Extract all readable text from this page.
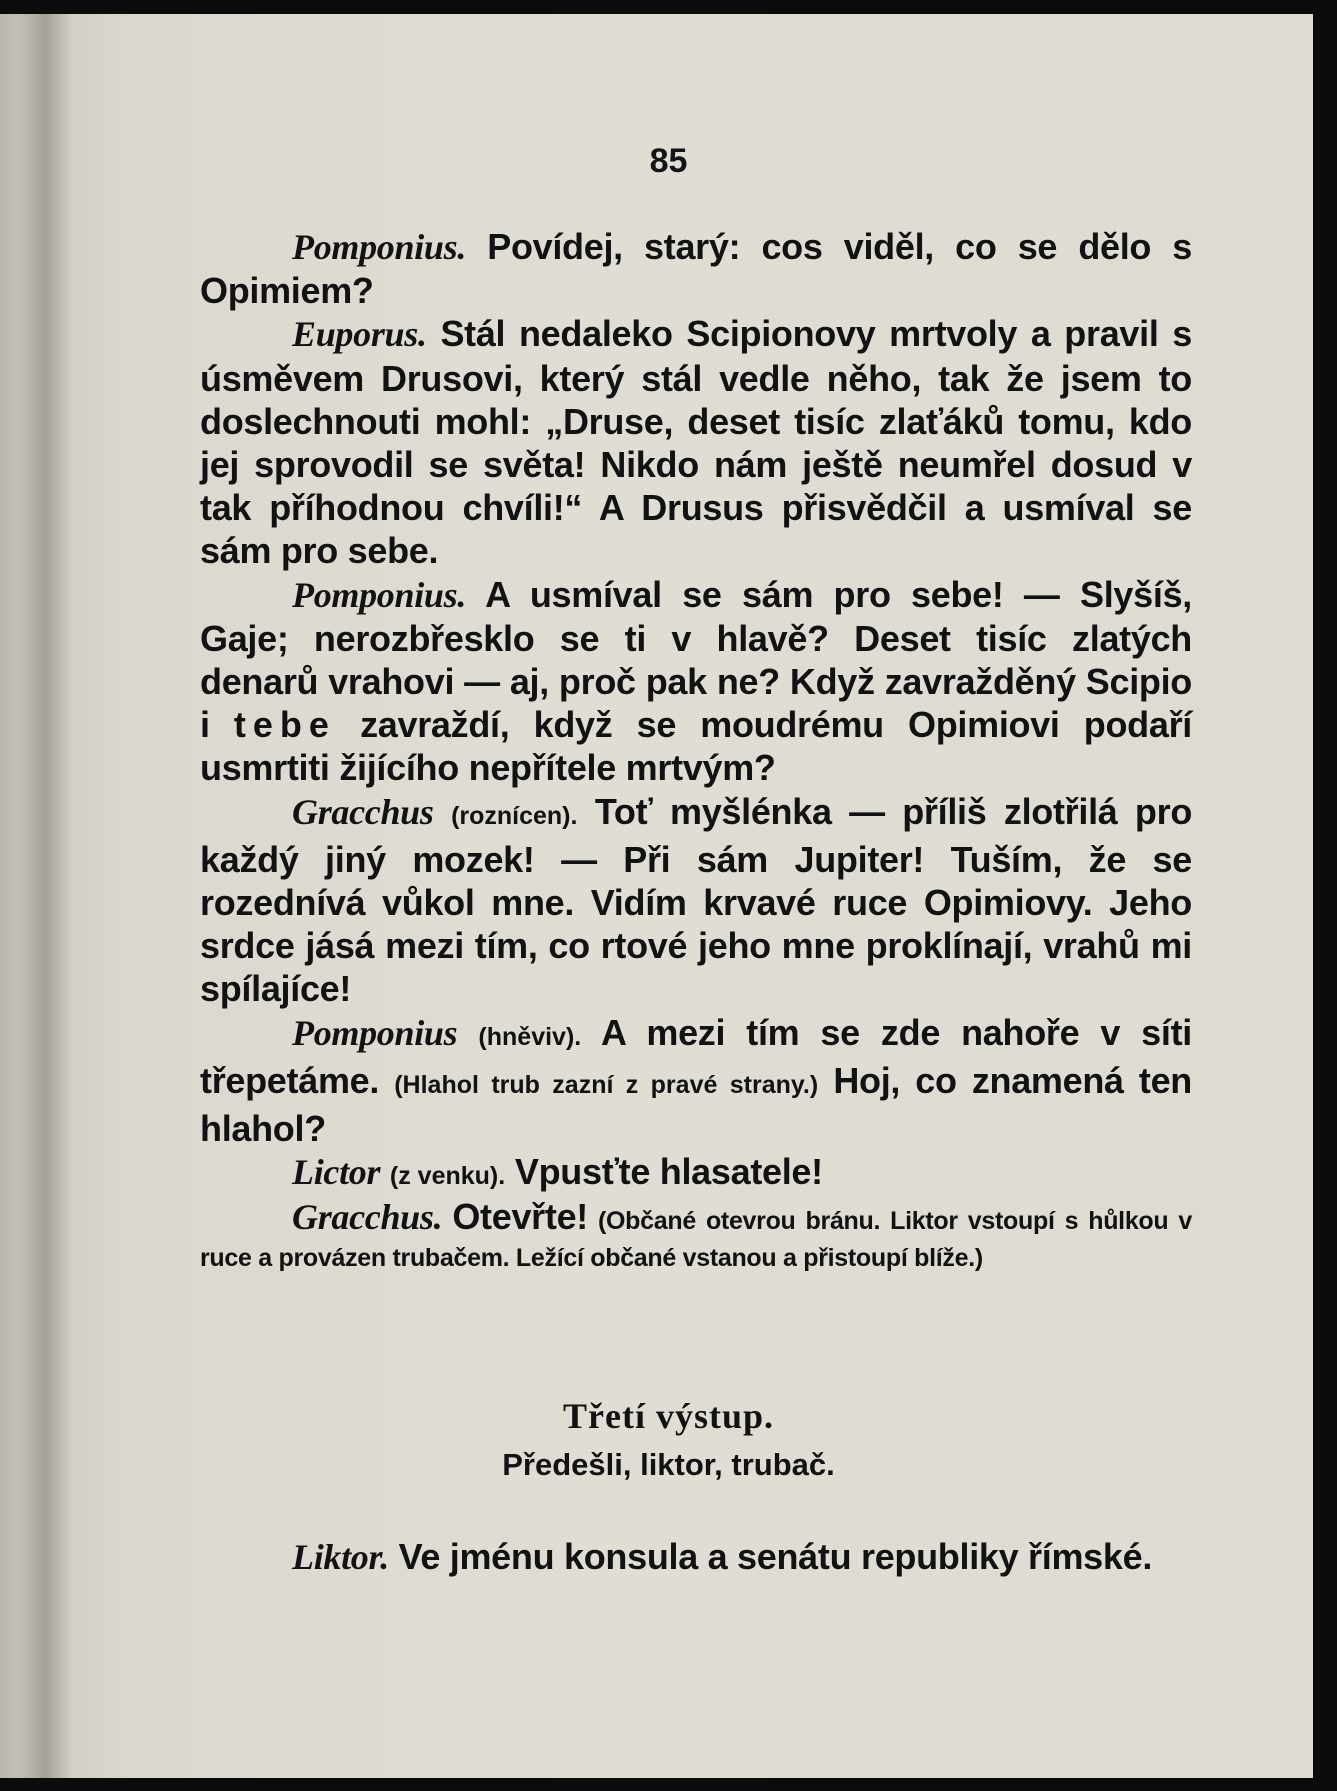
85

Pomponius. Povídej, starý: cos viděl, co se dělo s Opimiem?

Euporus. Stál nedaleko Scipionovy mrtvoly a pravil s úsměvem Drusovi, který stál vedle něho, tak že jsem to doslechnouti mohl: „Druse, deset tisíc zlaťáků tomu, kdo jej sprovodil se světa! Nikdo nám ještě neumřel dosud v tak příhodnou chvíli!“ A Drusus přisvědčil a usmíval se sám pro sebe.

Pomponius. A usmíval se sám pro sebe! — Slyšíš, Gaje; nerozbřesklo se ti v hlavě? Deset tisíc zlatých denarů vrahovi — aj, proč pak ne? Když zavražděný Scipio i tebe zavraždí, když se moudrému Opimiovi podaří usmrtiti žijícího nepřítele mrtvým?

Gracchus (roznícen). Toť myšlénka — příliš zlotřilá pro každý jiný mozek! — Při sám Jupiter! Tuším, že se rozednívá vůkol mne. Vidím krvavé ruce Opimiovy. Jeho srdce jásá mezi tím, co rtové jeho mne proklínají, vrahů mi spílajíce!

Pomponius (hněviv). A mezi tím se zde nahoře v síti třepetáme. (Hlahol trub zazní z pravé strany.) Hoj, co znamená ten hlahol?

Lictor (z venku). Vpusťte hlasatele!

Gracchus. Otevřte! (Občané otevrou bránu. Liktor vstoupí s hůlkou v ruce a provázen trubačem. Ležící občané vstanou a přistoupí blíže.)

Třetí výstup.
Předešli, liktor, trubač.

Liktor. Ve jménu konsula a senátu republiky římské.
